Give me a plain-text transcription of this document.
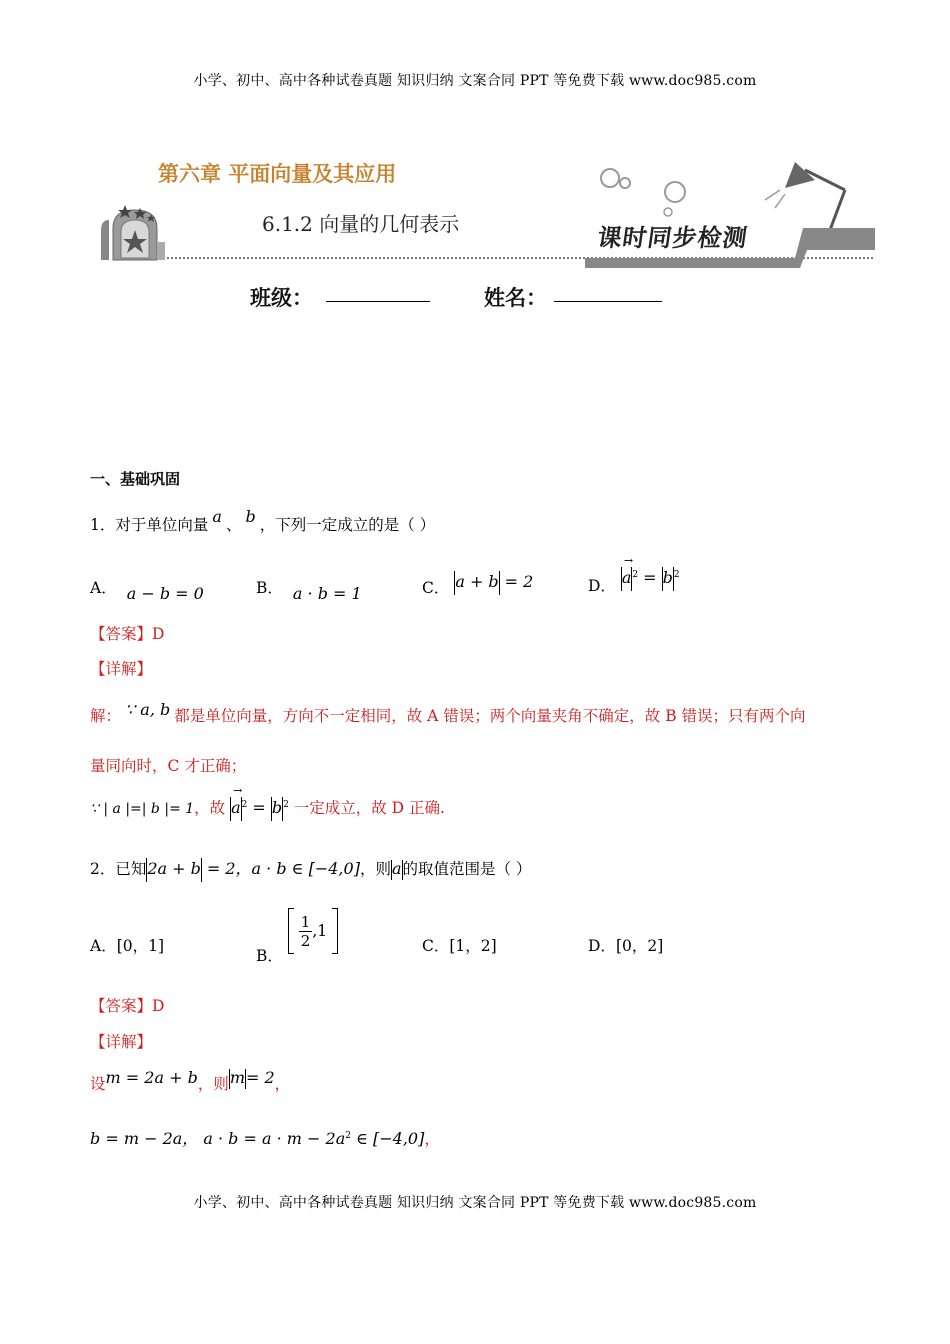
小学、初中、高中各种试卷真题 知识归纳 文案合同 PPT 等免费下载 www.doc985.com
第六章 平面向量及其应用
6.1.2 向量的几何表示	课时同步检测
班级：	姓名：
一、基础巩固
1．对于单位向量 a 、 b ，下列一定成立的是（ ）
A． a − b = 0	B． a · b = 1	C． a + b = 2	D．
→
$a^2 = b^2$
【答案】D
【详解】
解： ∵ a, b 都是单位向量，方向不一定相同，故 A 错误；两个向量夹角不确定，故 B 错误；只有两个向
量同向时，C 才正确；
∵ | a |=| b |= 1，故
→
$a^2 = b^2$ 一定成立，故 D 正确.
2．已知2a + b = 2，a · b ∈ [−4,0]，则a的取值范围是（ ）
A．[0，1]
B．
$\frac{1}{2} ,1$
C．[1，2]	D．[0，2]
【答案】D
【详解】
设m = 2a + b，则m= 2，
b = m − 2a， $a \cdot b = a \cdot m - 2a^2$ ∈ [−4,0]，
小学、初中、高中各种试卷真题 知识归纳 文案合同 PPT 等免费下载 www.doc985.com
